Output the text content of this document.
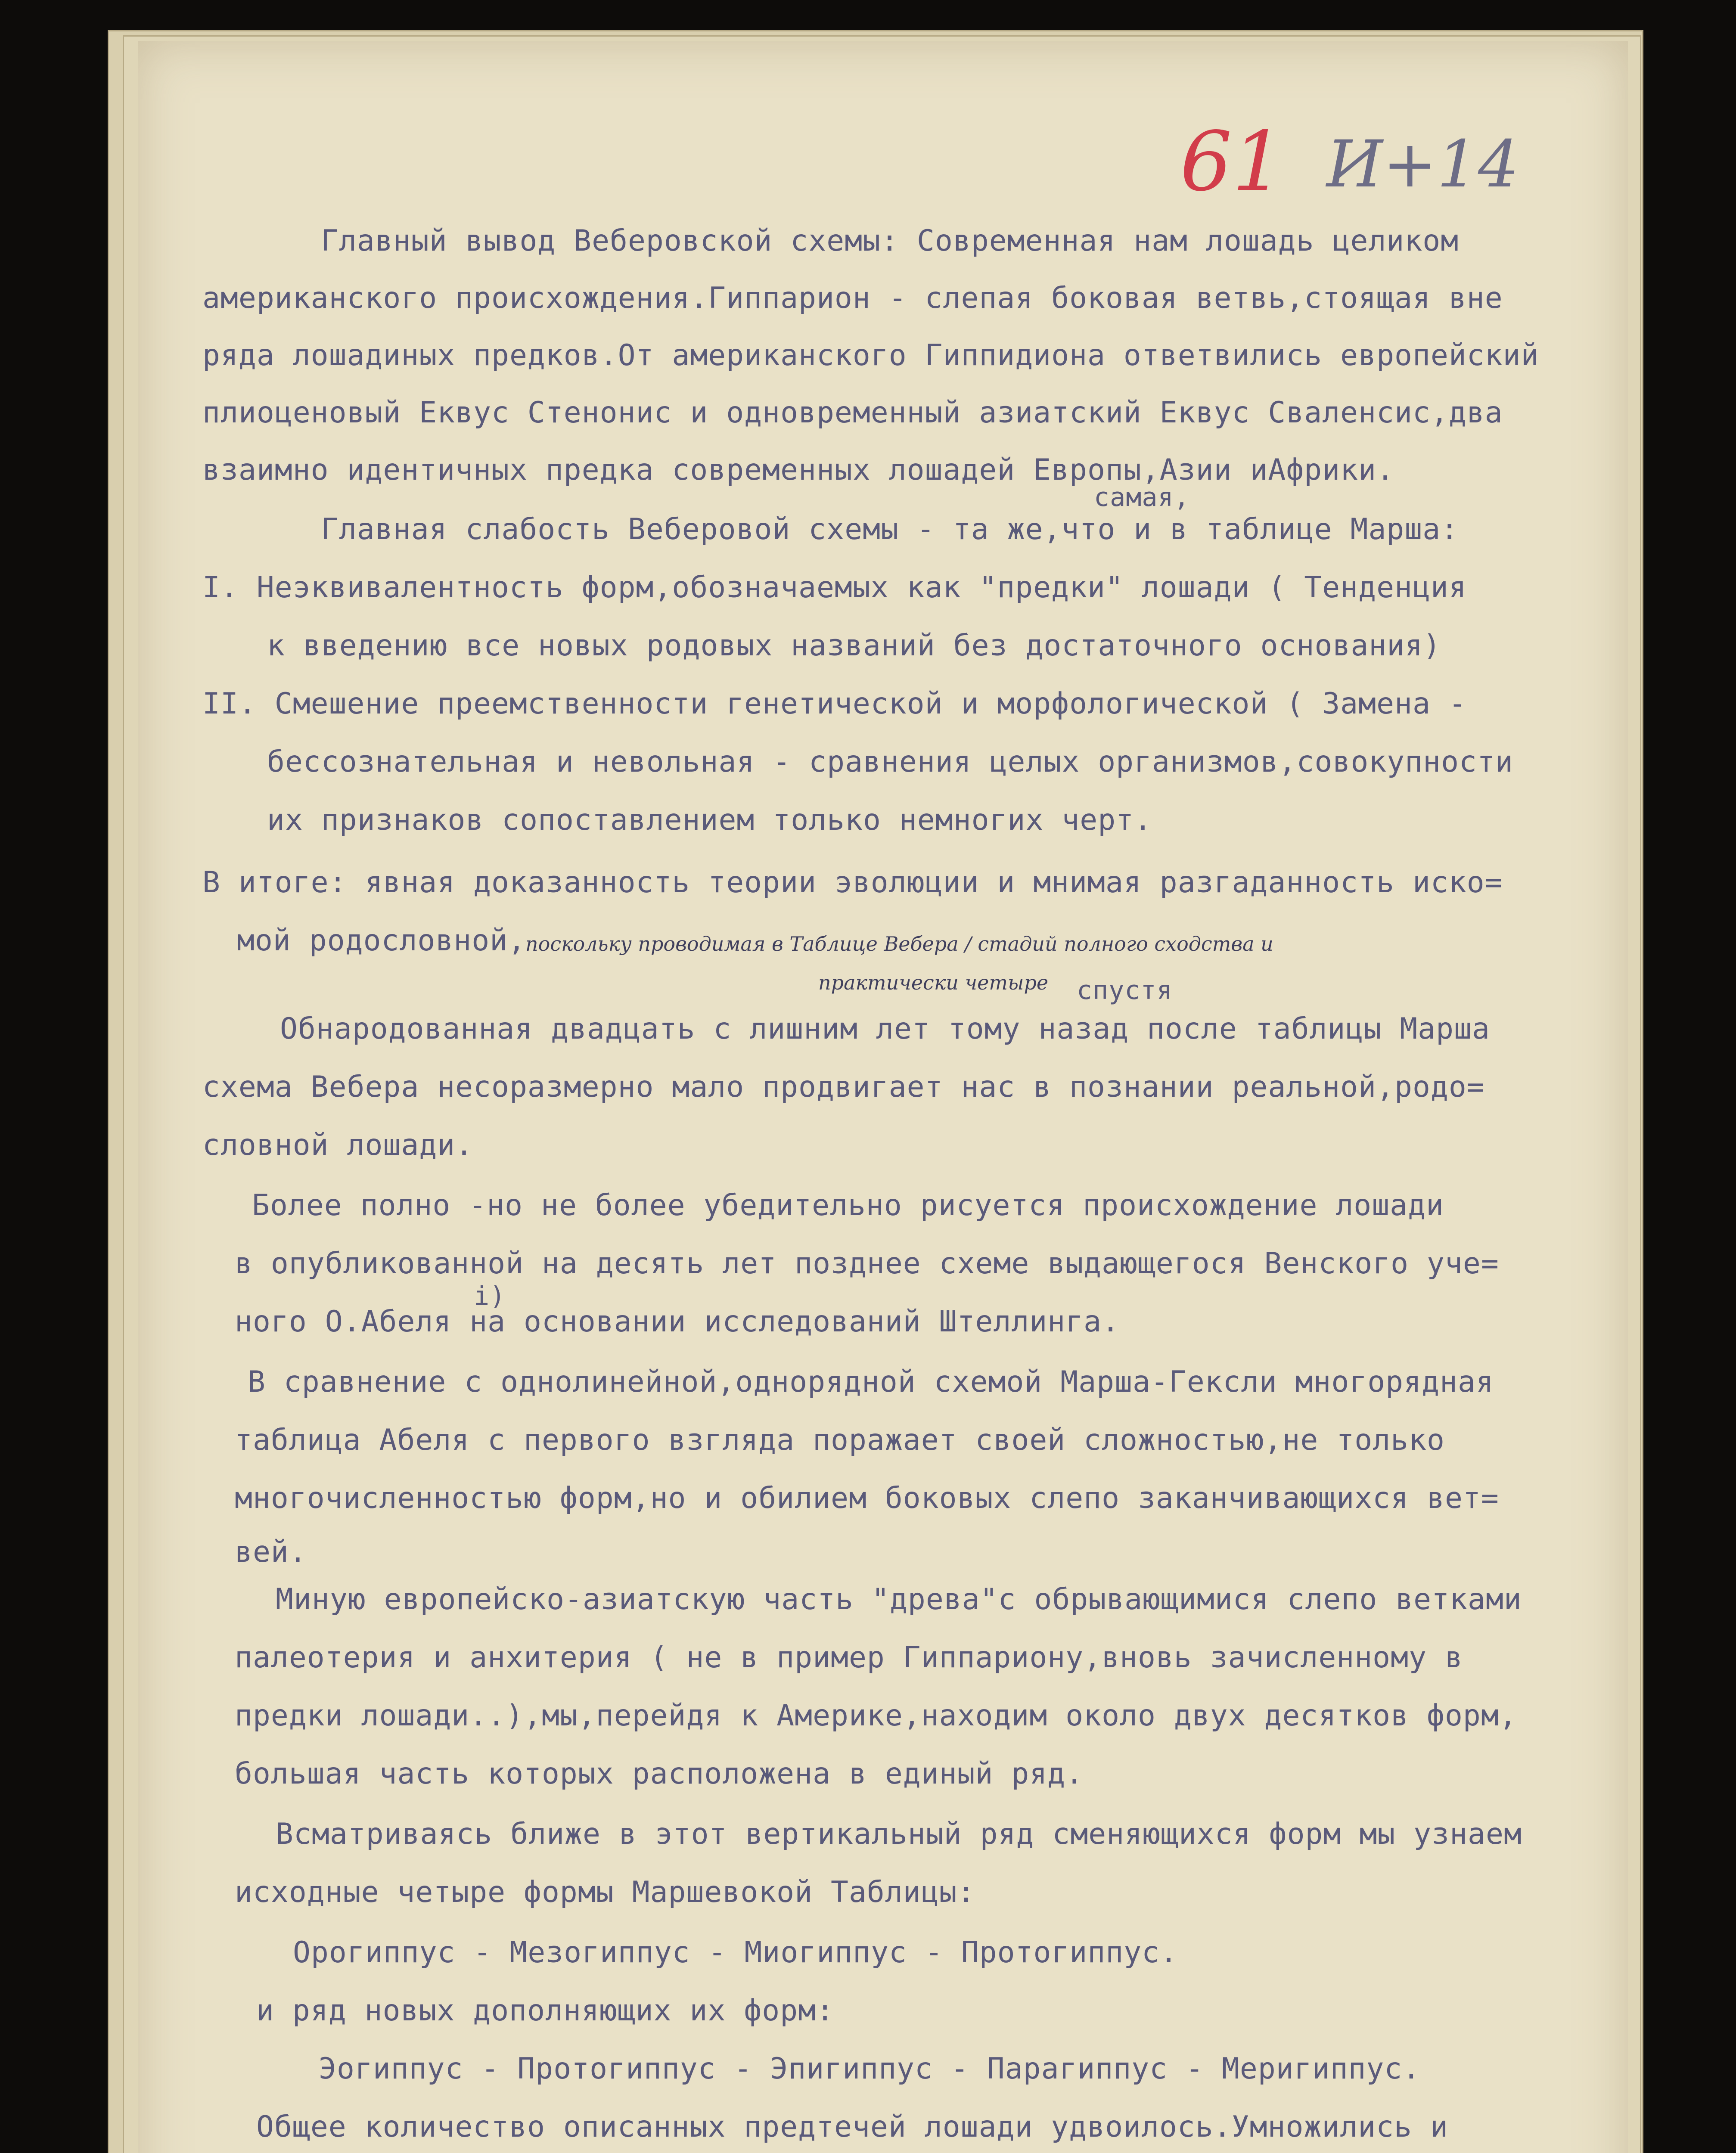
61 И+14
Главный вывод Веберовской схемы: Современная нам лошадь целиком
американского происхождения.Гиппарион - слепая боковая ветвь,стоящая вне
ряда лошадиных предков.От американского Гиппидиона ответвились европейский
плиоценовый Еквус Стенонис и одновременный азиатский Еквус Сваленсис,два
взаимно идентичных предка современных лошадей Европы,Азии иАфрики.
самая,
Главная слабость Веберовой схемы - та же,что и в таблице Марша:
I. Неэквивалентность форм,обозначаемых как "предки" лошади ( Тенденция
к введению все новых родовых названий без достаточного основания)
II. Смешение преемственности генетической и морфологической ( Замена -
бессознательная и невольная - сравнения целых организмов,совокупности
их признаков сопоставлением только немногих черт.
В итоге: явная доказанность теории эволюции и мнимая разгаданность иско=
мой родословной,
поскольку проводимая в Таблице Вебера / стадий полного сходства и
практически четыре спустя
Обнародованная двадцать с лишним лет тому назад после таблицы Марша
схема Вебера несоразмерно мало продвигает нас в познании реальной,родо=
словной лошади.
Более полно -но не более убедительно рисуется происхождение лошади
в опубликованной на десять лет позднее схеме выдающегося Венского уче=
i)
ного О.Абеля на основании исследований Штеллинга.
В сравнение с однолинейной,однорядной схемой Марша-Гексли многорядная
таблица Абеля с первого взгляда поражает своей сложностью,не только
многочисленностью форм,но и обилием боковых слепо заканчивающихся вет=
вей.
Миную европейско-азиатскую часть "древа"с обрывающимися слепо ветками
палеотерия и анхитерия ( не в пример Гиппариону,вновь зачисленному в
предки лошади..),мы,перейдя к Америке,находим около двух десятков форм,
большая часть которых расположена в единый ряд.
Всматриваясь ближе в этот вертикальный ряд сменяющихся форм мы узнаем
исходные четыре формы Маршевокой Таблицы:
Орогиппус - Мезогиппус - Миогиппус - Протогиппус.
и ряд новых дополняющих их форм:
Эогиппус - Протогиппус - Эпигиппус - Парагиппус - Меригиппус.
Общее количество описанных предтечей лошади удвоилось.Умножились и
